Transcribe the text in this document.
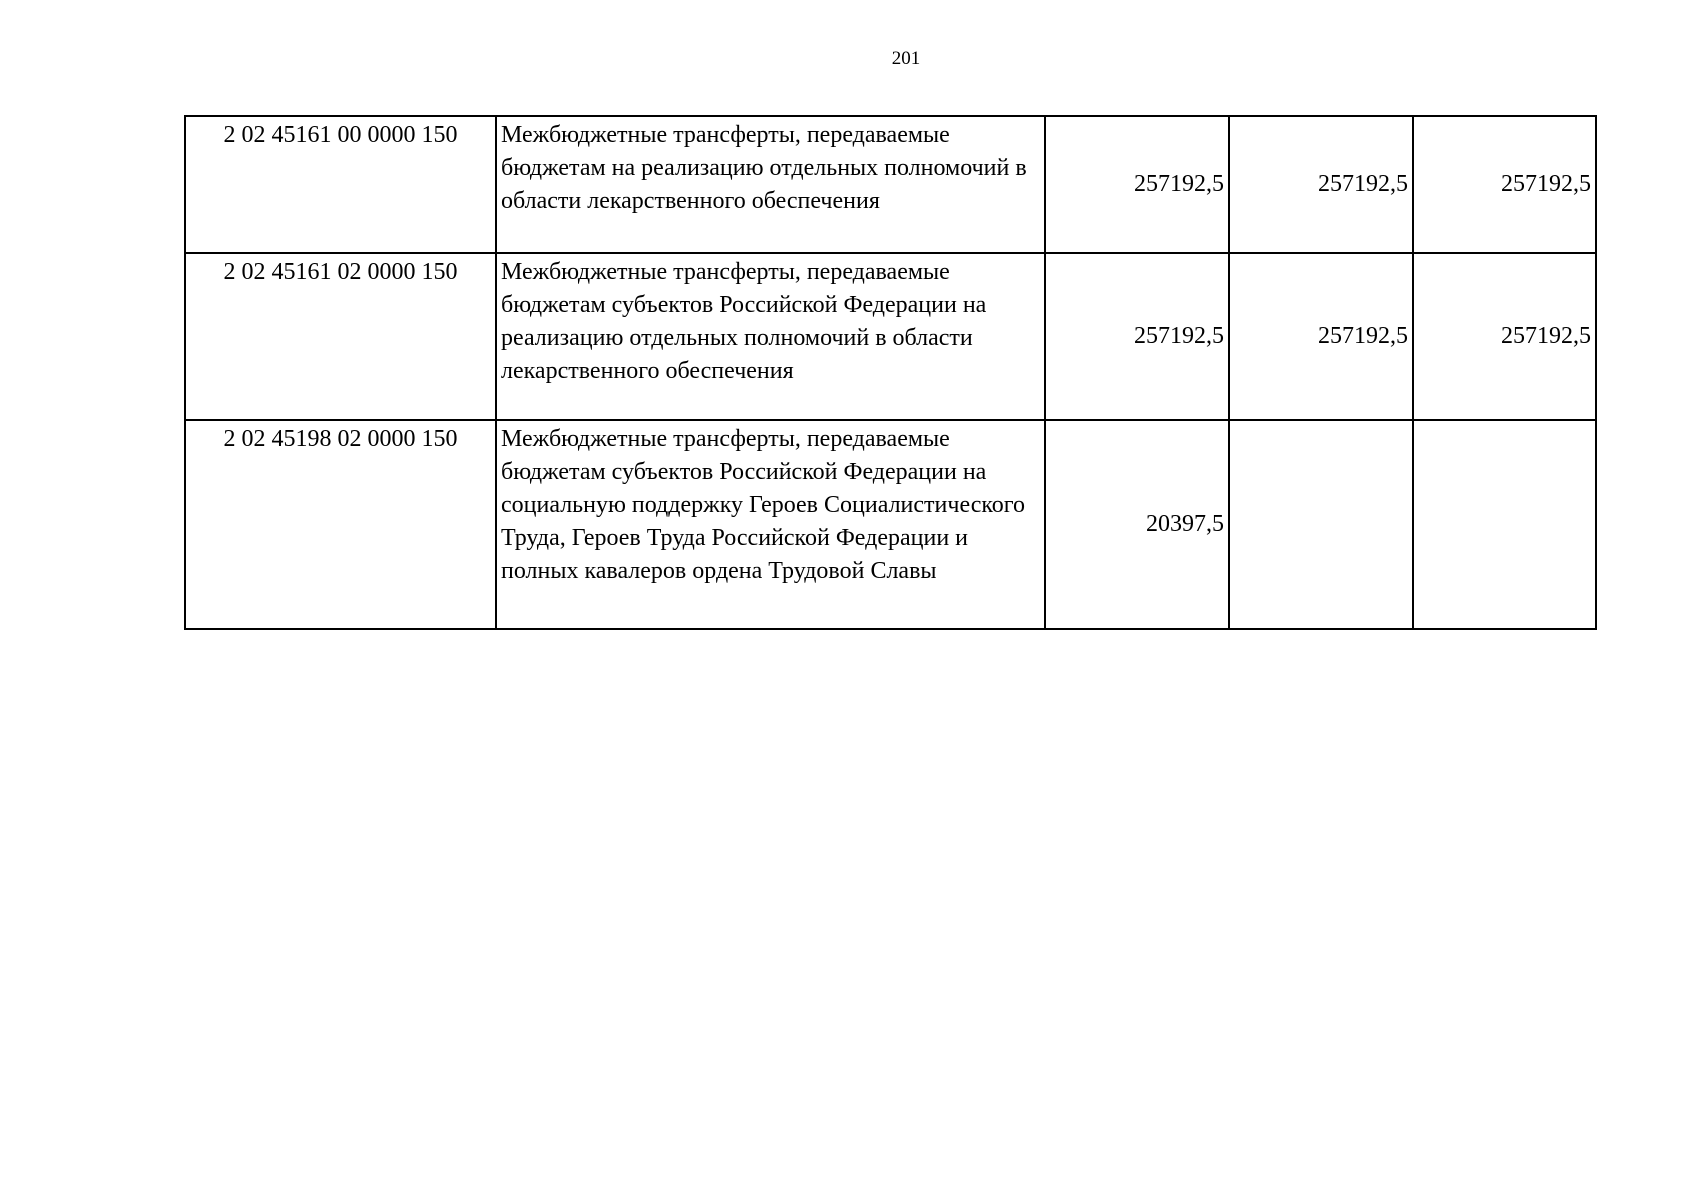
201
2 02 45161 00 0000 150	Межбюджетные трансферты, передаваемые бюджетам на реализацию отдельных полномочий в области лекарственного обеспечения	257192,5	257192,5	257192,5
2 02 45161 02 0000 150	Межбюджетные трансферты, передаваемые бюджетам субъектов Российской Федерации на реализацию отдельных полномочий в области лекарственного обеспечения	257192,5	257192,5	257192,5
2 02 45198 02 0000 150	Межбюджетные трансферты, передаваемые бюджетам субъектов Российской Федерации на социальную поддержку Героев Социалистического Труда, Героев Труда Российской Федерации и полных кавалеров ордена Трудовой Славы	20397,5		
